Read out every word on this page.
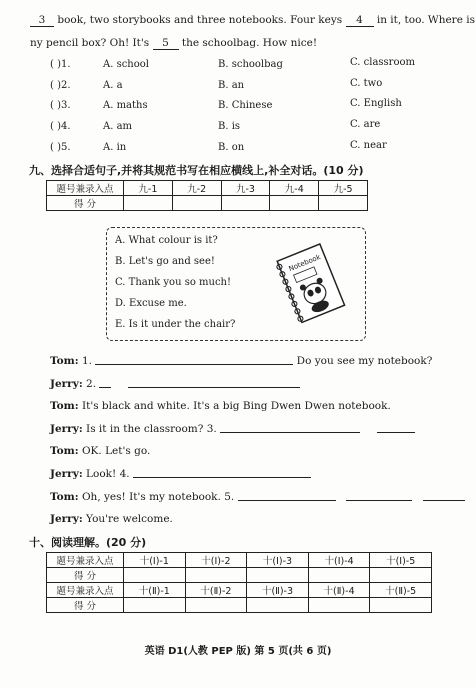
3 book, two storybooks and three notebooks. Four keys 4 in it, too. Where is
ny pencil box? Oh! It's 5 the schoolbag. How nice!
( )1.	A. school	B. schoolbag	C. classroom
( )2.	A. a	B. an	C. two
( )3.	A. maths	B. Chinese	C. English
( )4.	A. am	B. is	C. are
( )5.	A. in	B. on	C. near
九、选择合适句子,并将其规范书写在相应横线上,补全对话。(10 分)
题号兼录入点	九-1	九-2	九-3	九-4	九-5
得 分					
A. What colour is it?
B. Let's go and see!
C. Thank you so much!
D. Excuse me.
E. Is it under the chair?
Notebook
Tom: 1.	Do you see my notebook?
Jerry: 2.
Tom: It's black and white. It's a big Bing Dwen Dwen notebook.
Jerry: Is it in the classroom? 3.
Tom: OK. Let's go.
Jerry: Look! 4.
Tom: Oh, yes! It's my notebook. 5.
Jerry: You're welcome.
十、阅读理解。(20 分)
题号兼录入点	十(Ⅰ)-1	十(Ⅰ)-2	十(Ⅰ)-3	十(Ⅰ)-4	十(Ⅰ)-5
得 分					
题号兼录入点	十(Ⅱ)-1	十(Ⅱ)-2	十(Ⅱ)-3	十(Ⅱ)-4	十(Ⅱ)-5
得 分					
英语 D1(人教 PEP 版) 第 5 页(共 6 页)
